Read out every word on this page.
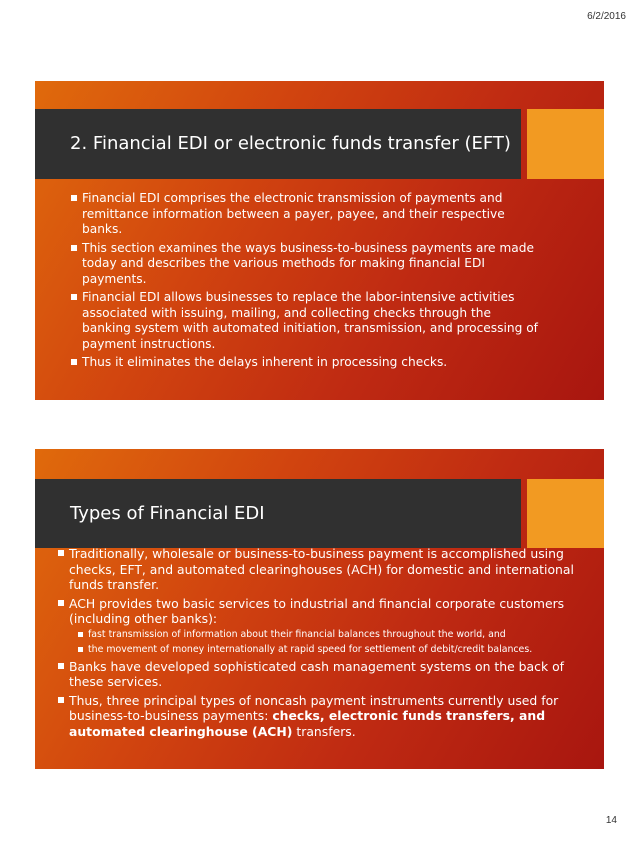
6/2/2016
2. Financial EDI or electronic funds transfer (EFT)
Financial EDI comprises the electronic transmission of payments and remittance information between a payer, payee, and their respective banks.
This section examines the ways business-to-business payments are made today and describes the various methods for making financial EDI payments.
Financial EDI allows businesses to replace the labor-intensive activities associated with issuing, mailing, and collecting checks through the banking system with automated initiation, transmission, and processing of payment instructions.
Thus it eliminates the delays inherent in processing checks.
Types of Financial EDI
Traditionally, wholesale or business-to-business payment is accomplished using checks, EFT, and automated clearinghouses (ACH) for domestic and international funds transfer.
ACH provides two basic services to industrial and financial corporate customers (including other banks):
fast transmission of information about their financial balances throughout the world, and
the movement of money internationally at rapid speed for settlement of debit/credit balances.
Banks have developed sophisticated cash management systems on the back of these services.
Thus, three principal types of noncash payment instruments currently used for business-to-business payments: checks, electronic funds transfers, and automated clearinghouse (ACH) transfers.
14
